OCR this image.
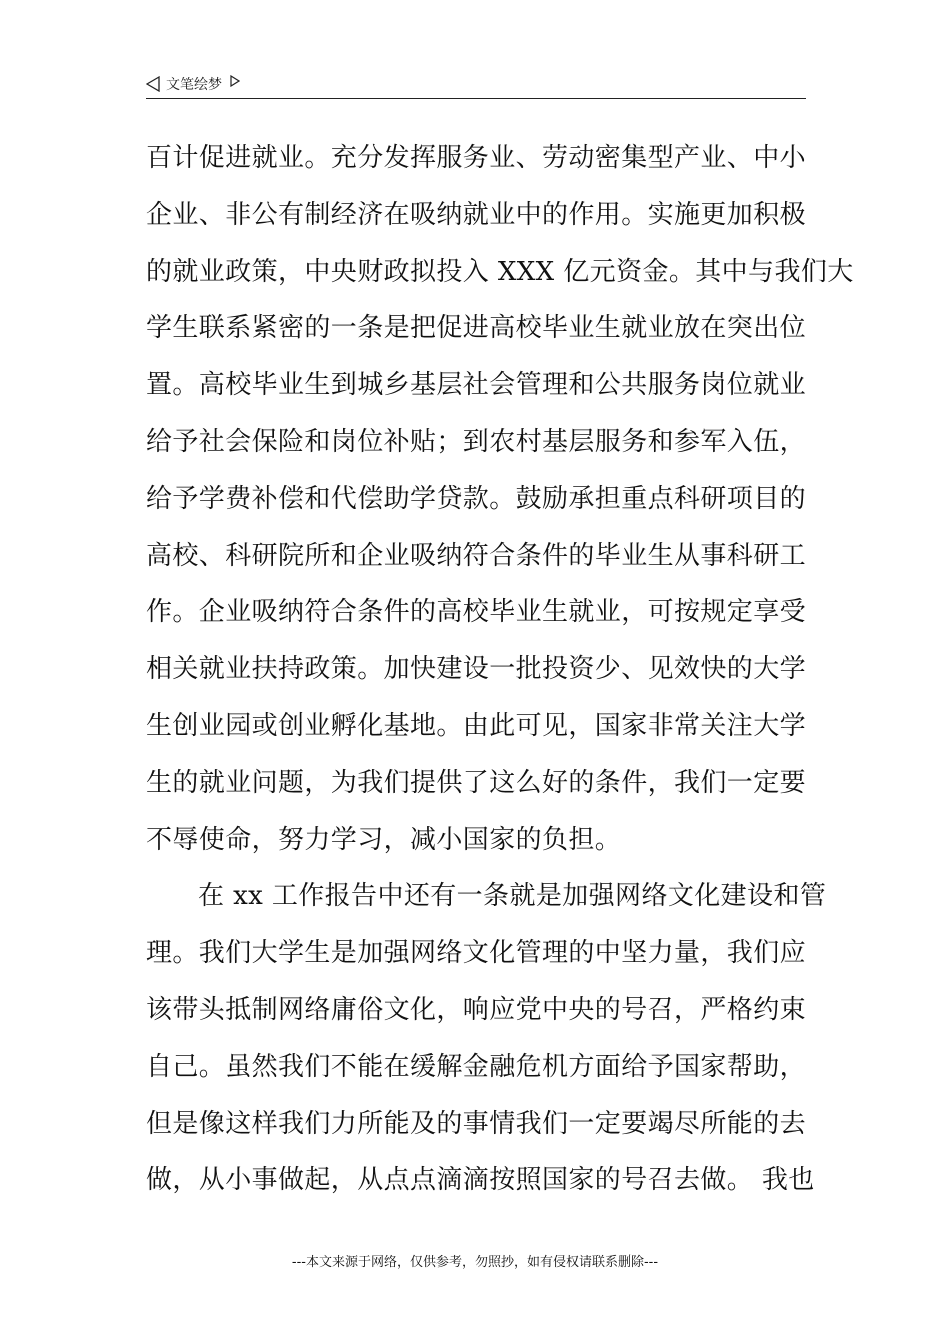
文笔绘梦

百计促进就业。充分发挥服务业、劳动密集型产业、中小
企业、非公有制经济在吸纳就业中的作用。实施更加积极
的就业政策，中央财政拟投入 XXX 亿元资金。其中与我们大
学生联系紧密的一条是把促进高校毕业生就业放在突出位
置。高校毕业生到城乡基层社会管理和公共服务岗位就业
给予社会保险和岗位补贴；到农村基层服务和参军入伍，
给予学费补偿和代偿助学贷款。鼓励承担重点科研项目的
高校、科研院所和企业吸纳符合条件的毕业生从事科研工
作。企业吸纳符合条件的高校毕业生就业，可按规定享受
相关就业扶持政策。加快建设一批投资少、见效快的大学
生创业园或创业孵化基地。由此可见，国家非常关注大学
生的就业问题，为我们提供了这么好的条件，我们一定要
不辱使命，努力学习，减小国家的负担。

在 xx 工作报告中还有一条就是加强网络文化建设和管
理。我们大学生是加强网络文化管理的中坚力量，我们应
该带头抵制网络庸俗文化，响应党中央的号召，严格约束
自己。虽然我们不能在缓解金融危机方面给予国家帮助，
但是像这样我们力所能及的事情我们一定要竭尽所能的去
做，从小事做起，从点点滴滴按照国家的号召去做。 我也

---本文来源于网络，仅供参考，勿照抄，如有侵权请联系删除---
